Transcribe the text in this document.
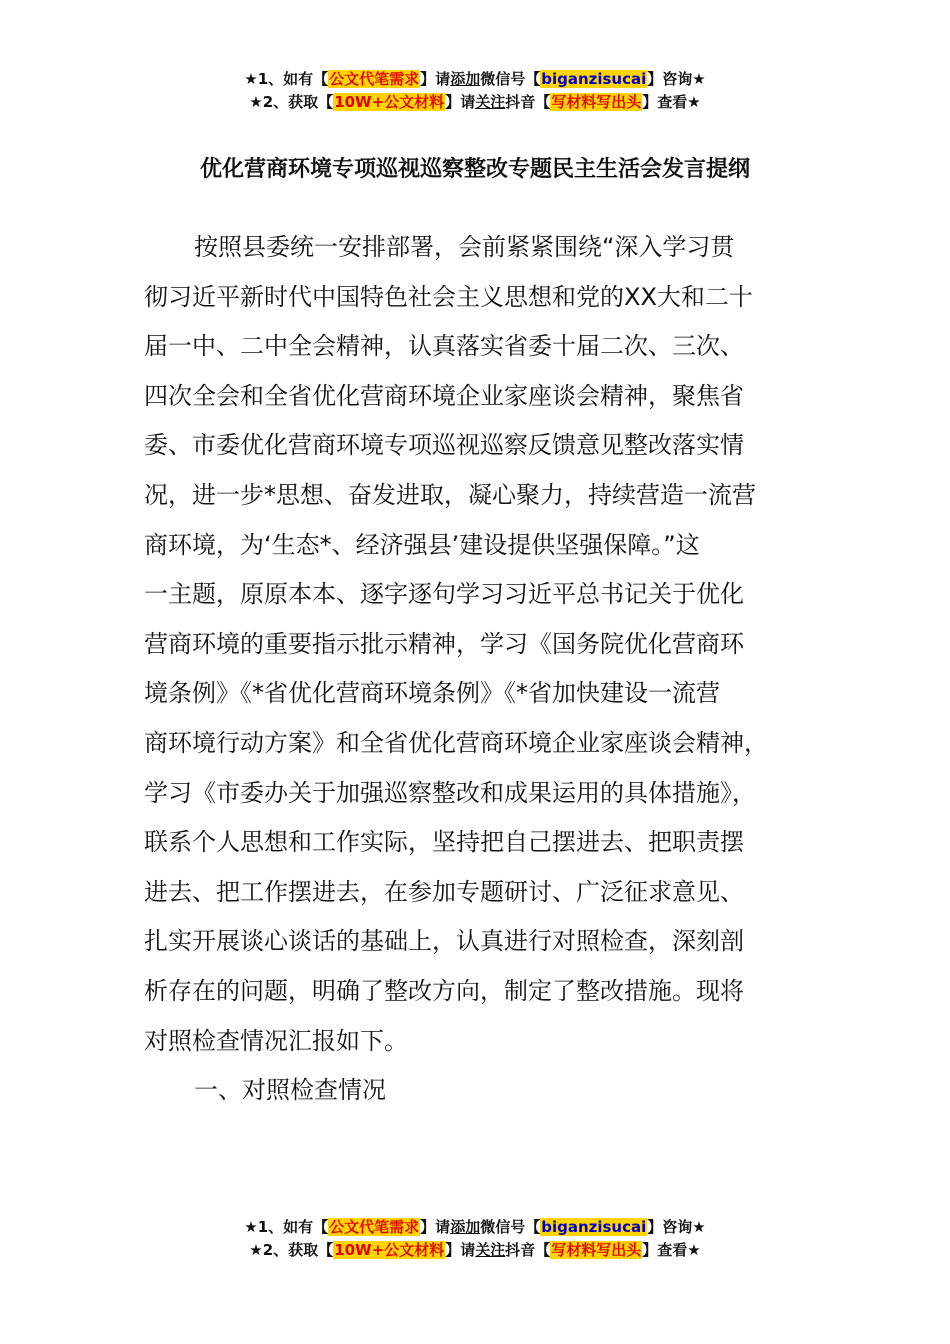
★1、如有【公文代笔需求】请添加微信号【biganzisucai】咨询★
★2、获取【10W+公文材料】请关注抖音【写材料写出头】查看★
优化营商环境专项巡视巡察整改专题民主生活会发言提纲
按照县委统一安排部署，会前紧紧围绕“深入学习贯
彻习近平新时代中国特色社会主义思想和党的XX大和二十
届一中、二中全会精神，认真落实省委十届二次、三次、
四次全会和全省优化营商环境企业家座谈会精神，聚焦省
委、市委优化营商环境专项巡视巡察反馈意见整改落实情
况，进一步*思想、奋发进取，凝心聚力，持续营造一流营
商环境，为‘生态*、经济强县’建设提供坚强保障。”这
一主题，原原本本、逐字逐句学习习近平总书记关于优化
营商环境的重要指示批示精神，学习《国务院优化营商环
境条例》《*省优化营商环境条例》《*省加快建设一流营
商环境行动方案》和全省优化营商环境企业家座谈会精神，
学习《市委办关于加强巡察整改和成果运用的具体措施》，
联系个人思想和工作实际，坚持把自己摆进去、把职责摆
进去、把工作摆进去，在参加专题研讨、广泛征求意见、
扎实开展谈心谈话的基础上，认真进行对照检查，深刻剖
析存在的问题，明确了整改方向，制定了整改措施。现将
对照检查情况汇报如下。
一、对照检查情况
★1、如有【公文代笔需求】请添加微信号【biganzisucai】咨询★
★2、获取【10W+公文材料】请关注抖音【写材料写出头】查看★
